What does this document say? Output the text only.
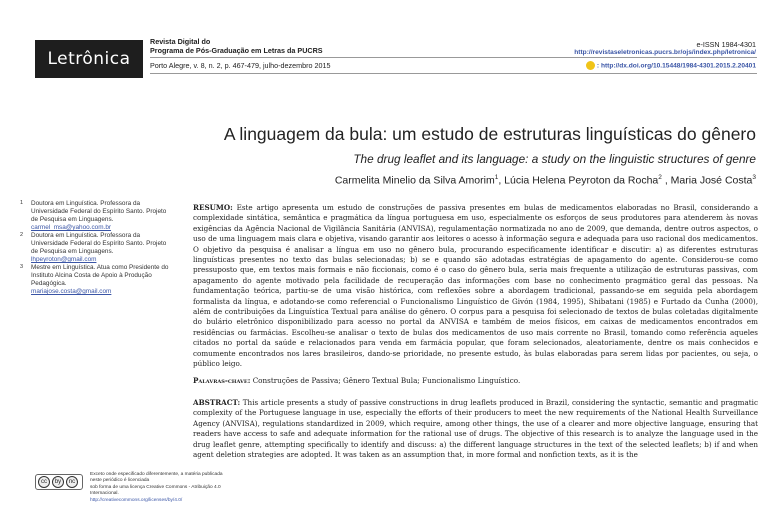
Letrônica
Revista Digital do
Programa de Pós-Graduação em Letras da PUCRS
Porto Alegre, v. 8, n. 2, p. 467-479, julho-dezembro 2015
e-ISSN 1984-4301
http://revistaseletronicas.pucrs.br/ojs/index.php/letronica/
: http://dx.doi.org/10.15448/1984-4301.2015.2.20401
A linguagem da bula: um estudo de estruturas linguísticas do gênero
The drug leaflet and its language: a study on the linguistic structures of genre
Carmelita Minelio da Silva Amorim$^1$, Lúcia Helena Peyroton da Rocha$^2$ , Maria José Costa$^3$
1 Doutora em Linguística. Professora da Universidade Federal do Espírito Santo. Projeto de Pesquisa em Linguagens.
carmel_msa@yahoo.com.br
2 Doutora em Linguística. Professora da Universidade Federal do Espírito Santo. Projeto de Pesquisa em Linguagens.
lhpeyroton@gmail.com
3 Mestre em Linguística. Atua como Presidente do Instituto Alcina Costa de Apoio à Produção Pedagógica.
mariajose.costa@gmail.com
RESUMO: Este artigo apresenta um estudo de construções de passiva presentes em bulas de medicamentos elaboradas no Brasil, considerando a complexidade sintática, semântica e pragmática da língua portuguesa em uso, especialmente os esforços de seus produtores para atenderem às novas exigências da Agência Nacional de Vigilância Sanitária (ANVISA), regulamentação normatizada no ano de 2009, que demanda, dentre outros aspectos, o uso de uma linguagem mais clara e objetiva, visando garantir aos leitores o acesso à informação segura e adequada para uso racional dos medicamentos. O objetivo da pesquisa é analisar a língua em uso no gênero bula, procurando especificamente identificar e discutir: a) as diferentes estruturas linguísticas presentes no texto das bulas selecionadas; b) se e quando são adotadas estratégias de apagamento do agente. Considerou-se como pressuposto que, em textos mais formais e não ficcionais, como é o caso do gênero bula, seria mais frequente a utilização de estruturas passivas, com apagamento do agente motivado pela facilidade de recuperação das informações com base no conhecimento pragmático geral das pessoas. Na fundamentação teórica, partiu-se de uma visão histórica, com reflexões sobre a abordagem tradicional, passando-se em seguida pela abordagem formalista da língua, e adotando-se como referencial o Funcionalismo Linguístico de Givón (1984, 1995), Shibatani (1985) e Furtado da Cunha (2000), além de contribuições da Linguística Textual para análise do gênero. O corpus para a pesquisa foi selecionado de textos de bulas coletadas digitalmente do bulário eletrônico disponibilizado para acesso no portal da ANVISA e também de meios físicos, em caixas de medicamentos encontrados em residências ou farmácias. Escolheu-se analisar o texto de bulas dos medicamentos de uso mais corrente no Brasil, tomando como referência aqueles citados no portal da saúde e relacionados para venda em farmácia popular, que foram selecionados, aleatoriamente, dentre os mais conhecidos e comumente encontrados nos lares brasileiros, dando-se prioridade, no presente estudo, às bulas elaboradas para serem lidas por pacientes, ou seja, o público leigo.
Palavras-chave: Construções de Passiva; Gênero Textual Bula; Funcionalismo Linguístico.
ABSTRACT: This article presents a study of passive constructions in drug leaflets produced in Brazil, considering the syntactic, semantic and pragmatic complexity of the Portuguese language in use, especially the efforts of their producers to meet the new requirements of the National Health Surveillance Agency (ANVISA), regulations standardized in 2009, which require, among other things, the use of a clearer and more objective language, ensuring that readers have access to safe and adequate information for the rational use of drugs. The objective of this research is to analyze the language used in the drug leaflet genre, attempting specifically to identify and discuss: a) the different language structures in the text of the selected leaflets; b) if and when agent deletion strategies are adopted. It was taken as an assumption that, in more formal and nonfiction texts, as it is the
cc	by	nc
Exceto onde especificado diferentemente, a matéria publicada neste periódico é licenciada
sob forma de uma licença Creative Commons - Atribuição 4.0 Internacional.
http://creativecommons.org/licenses/by/4.0/
